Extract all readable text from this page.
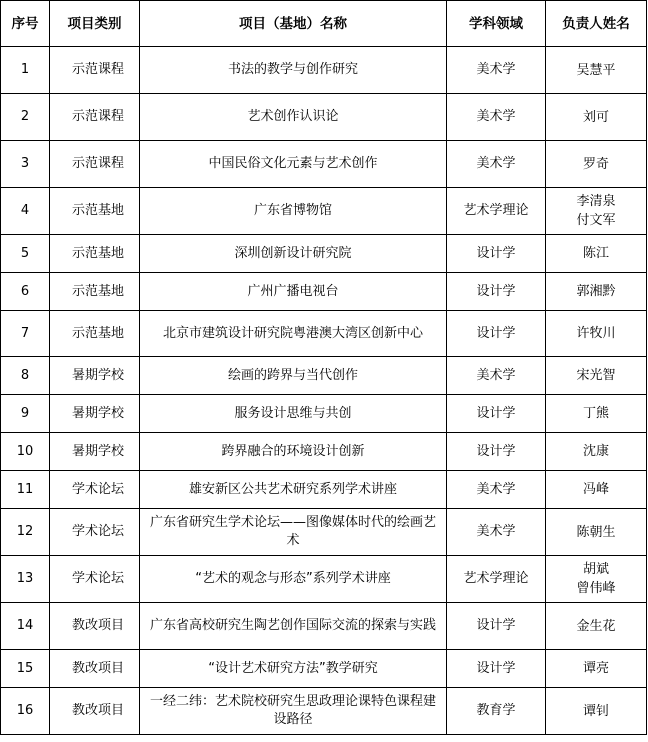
序号	项目类别	项目（基地）名称	学科领域	负责人姓名
1	示范课程	书法的教学与创作研究	美术学	吴慧平
2	示范课程	艺术创作认识论	美术学	刘可
3	示范课程	中国民俗文化元素与艺术创作	美术学	罗奇
4	示范基地	广东省博物馆	艺术学理论	李清泉
付文军
5	示范基地	深圳创新设计研究院	设计学	陈江
6	示范基地	广州广播电视台	设计学	郭湘黔
7	示范基地	北京市建筑设计研究院粤港澳大湾区创新中心	设计学	许牧川
8	暑期学校	绘画的跨界与当代创作	美术学	宋光智
9	暑期学校	服务设计思维与共创	设计学	丁熊
10	暑期学校	跨界融合的环境设计创新	设计学	沈康
11	学术论坛	雄安新区公共艺术研究系列学术讲座	美术学	冯峰
12	学术论坛	广东省研究生学术论坛——图像媒体时代的绘画艺术	美术学	陈朝生
13	学术论坛	“艺术的观念与形态”系列学术讲座	艺术学理论	胡斌
曾伟峰
14	教改项目	广东省高校研究生陶艺创作国际交流的探索与实践	设计学	金生花
15	教改项目	“设计艺术研究方法”教学研究	设计学	谭亮
16	教改项目	一经二纬：艺术院校研究生思政理论课特色课程建设路径	教育学	谭钊
